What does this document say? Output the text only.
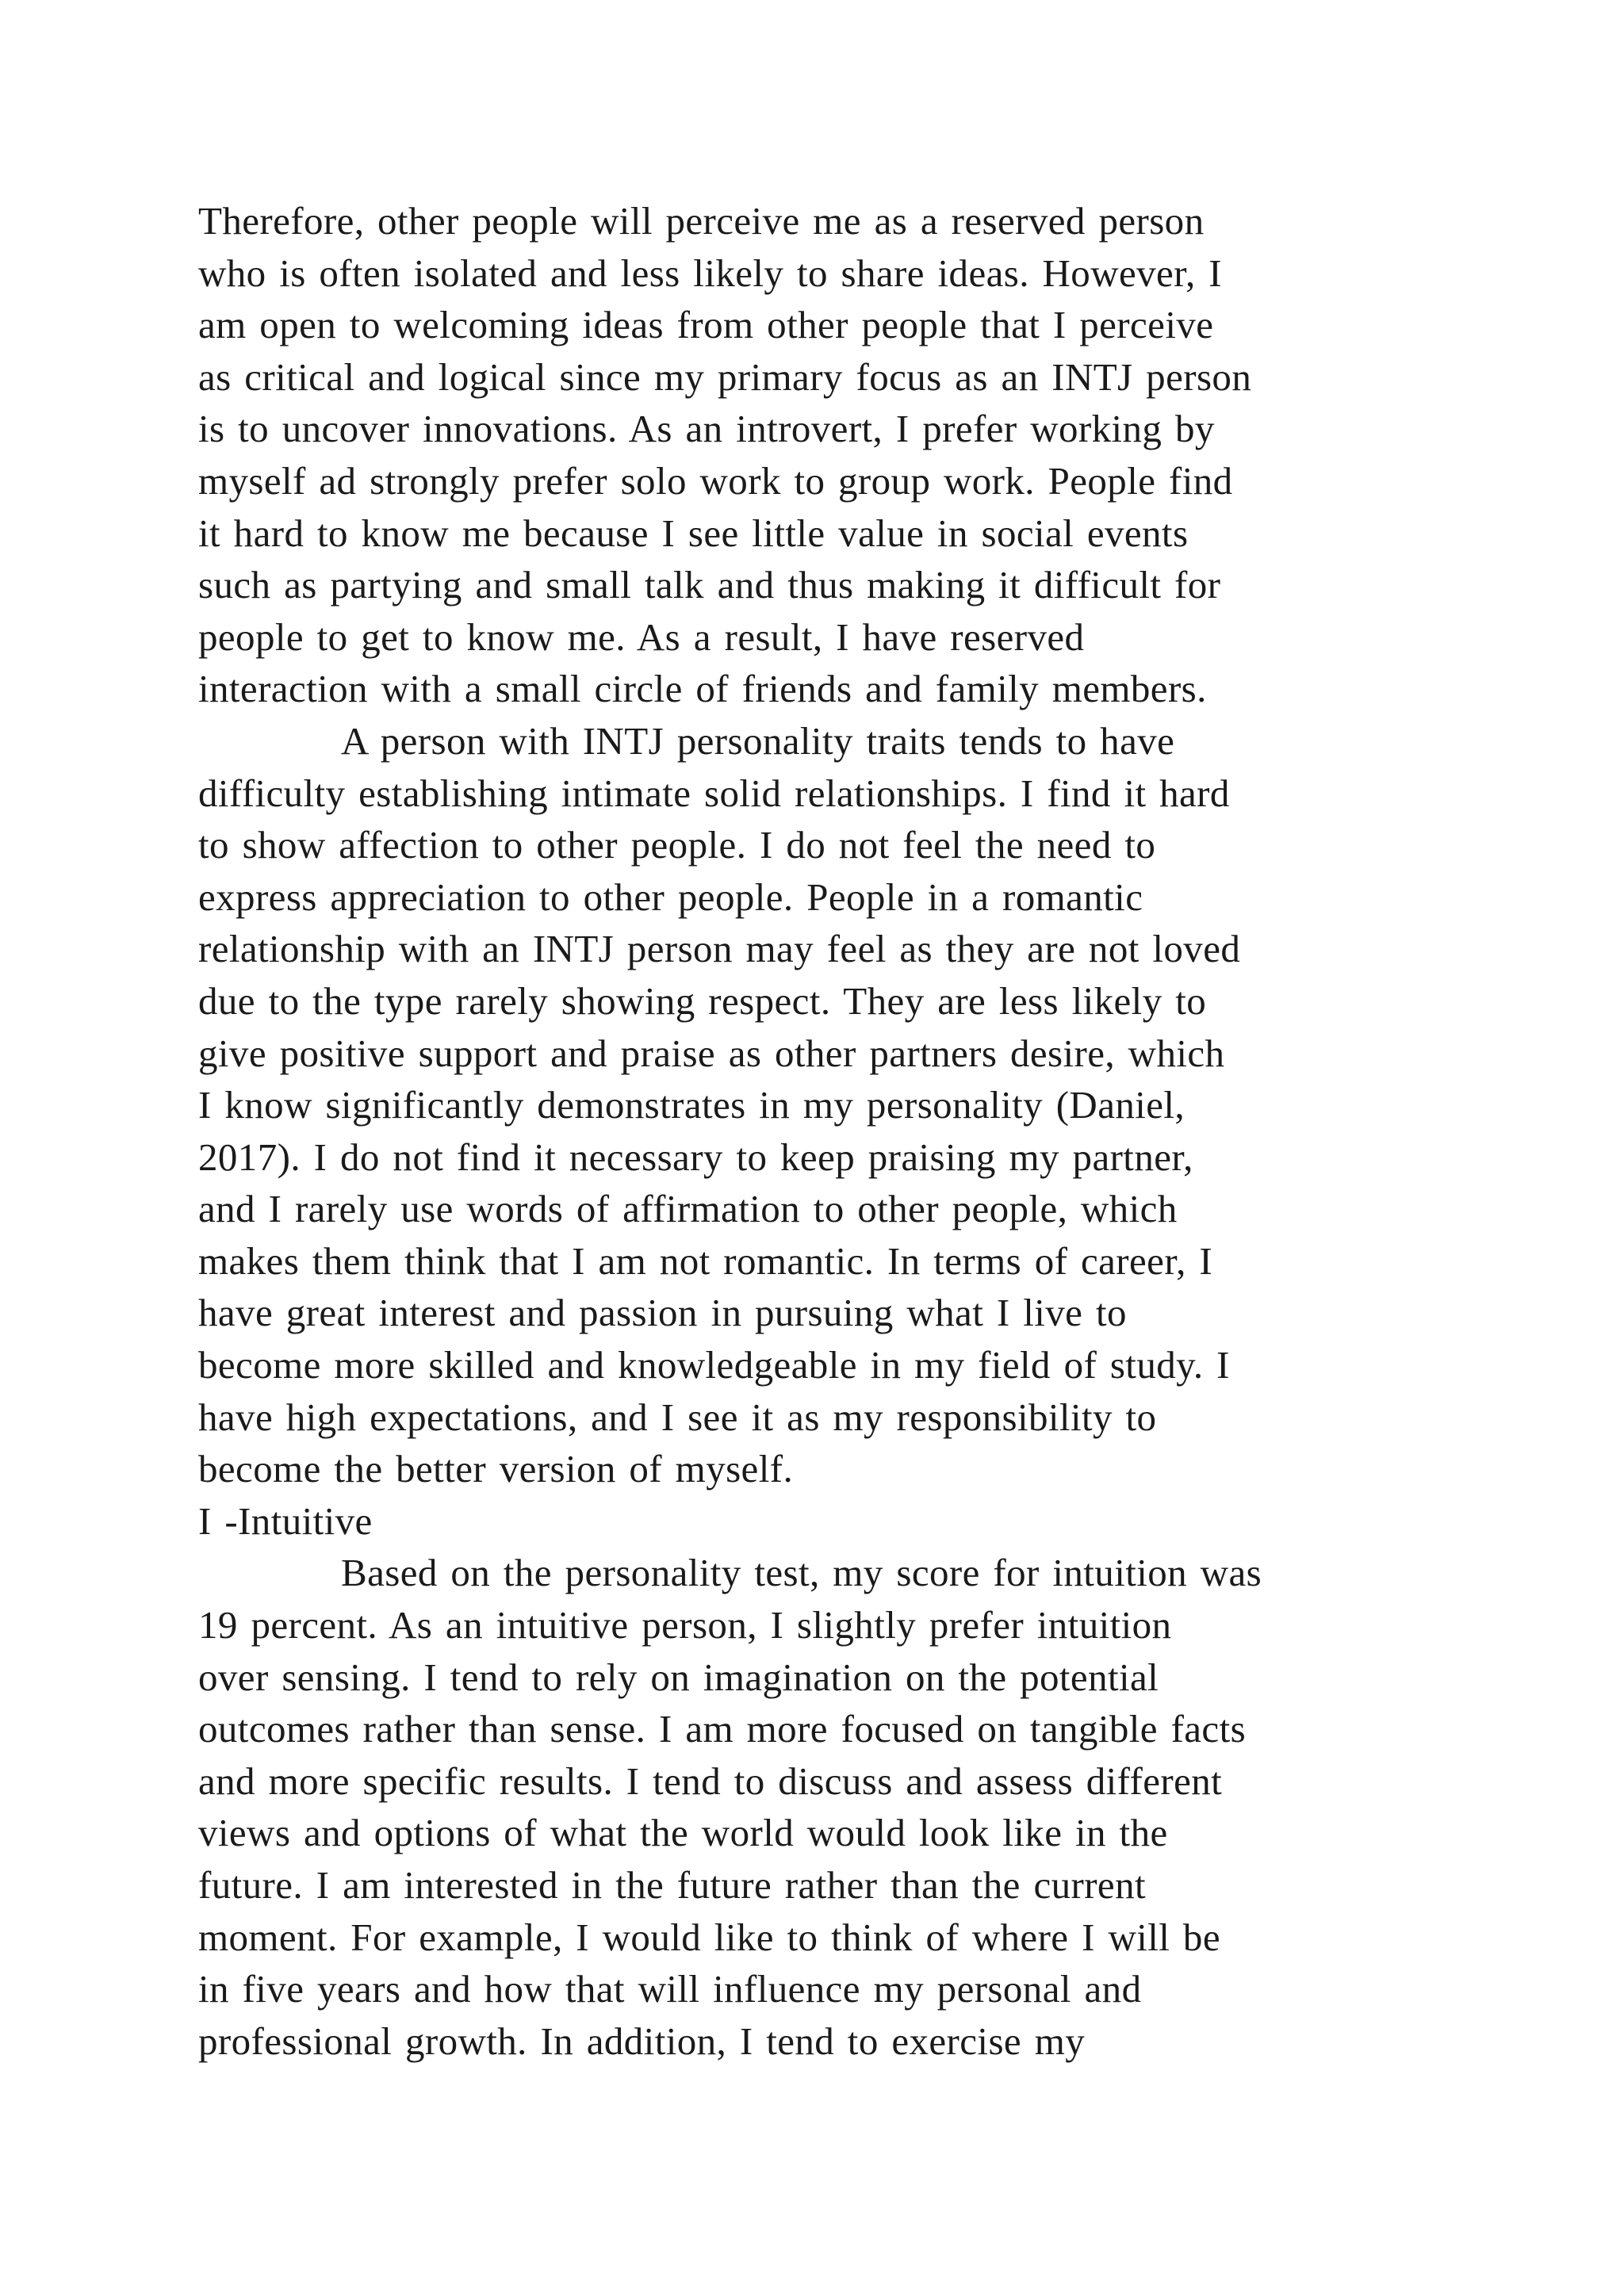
Therefore, other people will perceive me as a reserved person
who is often isolated and less likely to share ideas. However, I
am open to welcoming ideas from other people that I perceive
as critical and logical since my primary focus as an INTJ person
is to uncover innovations. As an introvert, I prefer working by
myself ad strongly prefer solo work to group work. People find
it hard to know me because I see little value in social events
such as partying and small talk and thus making it difficult for
people to get to know me. As a result, I have reserved
interaction with a small circle of friends and family members.
A person with INTJ personality traits tends to have
difficulty establishing intimate solid relationships. I find it hard
to show affection to other people. I do not feel the need to
express appreciation to other people. People in a romantic
relationship with an INTJ person may feel as they are not loved
due to the type rarely showing respect. They are less likely to
give positive support and praise as other partners desire, which
I know significantly demonstrates in my personality (Daniel,
2017). I do not find it necessary to keep praising my partner,
and I rarely use words of affirmation to other people, which
makes them think that I am not romantic. In terms of career, I
have great interest and passion in pursuing what I live to
become more skilled and knowledgeable in my field of study. I
have high expectations, and I see it as my responsibility to
become the better version of myself.
I -Intuitive
Based on the personality test, my score for intuition was
19 percent. As an intuitive person, I slightly prefer intuition
over sensing. I tend to rely on imagination on the potential
outcomes rather than sense. I am more focused on tangible facts
and more specific results. I tend to discuss and assess different
views and options of what the world would look like in the
future. I am interested in the future rather than the current
moment. For example, I would like to think of where I will be
in five years and how that will influence my personal and
professional growth. In addition, I tend to exercise my
